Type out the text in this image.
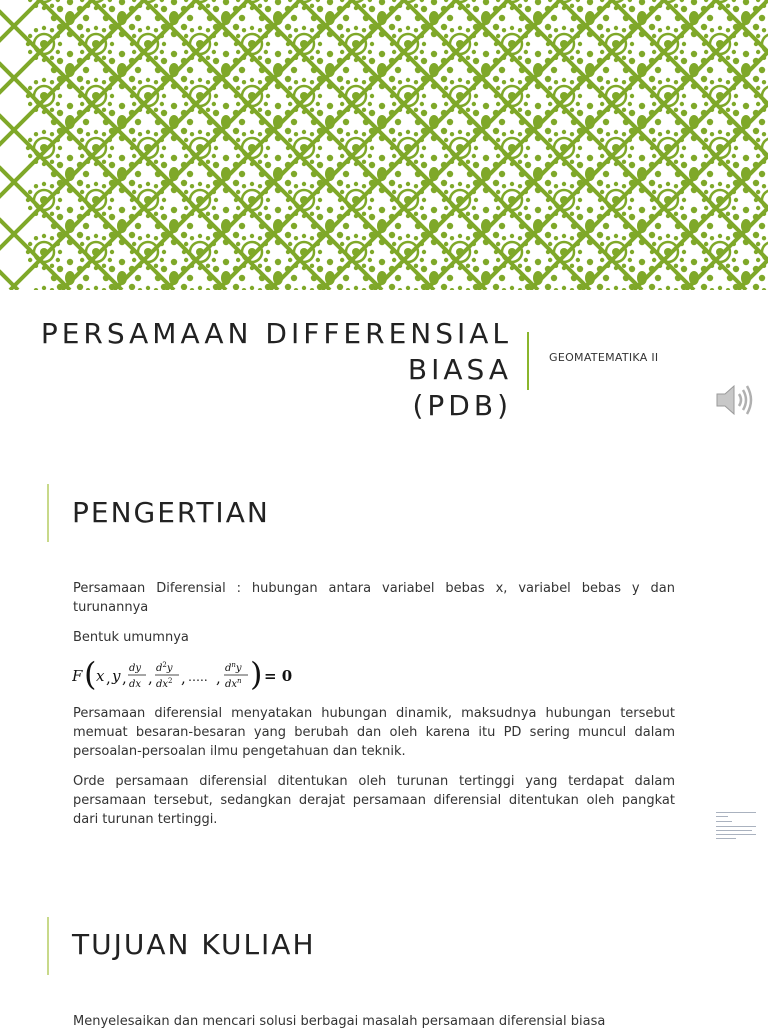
PERSAMAAN DIFFERENSIAL BIASA
(PDB)
GEOMATEMATIKA II
PENGERTIAN
Persamaan Diferensial : hubungan antara variabel bebas x, variabel bebas y dan turunannya
Bentuk umumnya
F ( x , y ,
dy
dx ,
$d^2y$
$dx^2$ , ….. ,
$d^ny$
$dx^n$ ) = 0
Persamaan diferensial menyatakan hubungan dinamik, maksudnya hubungan tersebut memuat besaran-besaran yang berubah dan oleh karena itu PD sering muncul dalam persoalan-persoalan ilmu pengetahuan dan teknik.
Orde persamaan diferensial ditentukan oleh turunan tertinggi yang terdapat dalam persamaan tersebut, sedangkan derajat persamaan diferensial ditentukan oleh pangkat dari turunan tertinggi.
TUJUAN KULIAH
Menyelesaikan dan mencari solusi berbagai masalah persamaan diferensial biasa
